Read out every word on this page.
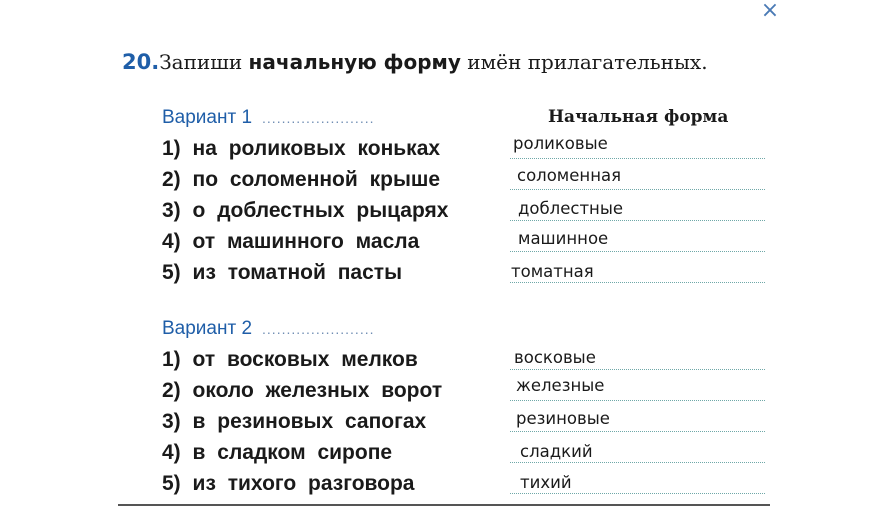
×
20.Запиши начальную форму имён прилагательных.
Начальная форма
Вариант 1 .......................
1) на роликовых коньках
2) по соломенной крыше
3) о доблестных рыцарях
4) от машинного масла
5) из томатной пасты
роликовые
соломенная
доблестные
машинное
томатная
Вариант 2 .......................
1) от восковых мелков
2) около железных ворот
3) в резиновых сапогах
4) в сладком сиропе
5) из тихого разговора
восковые
железные
резиновые
сладкий
тихий
